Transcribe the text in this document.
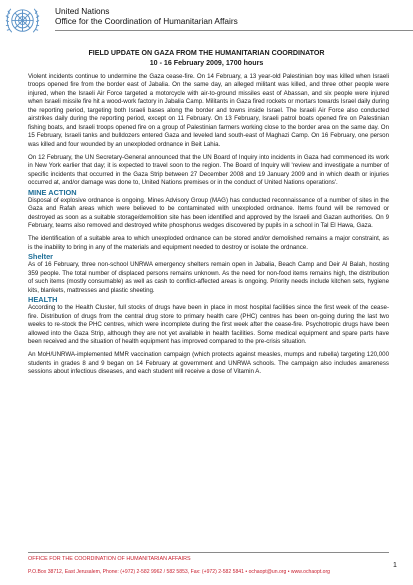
United Nations
Office for the Coordination of Humanitarian Affairs
FIELD UPDATE ON GAZA FROM THE HUMANITARIAN COORDINATOR
10 - 16 February 2009, 1700 hours

Violent incidents continue to undermine the Gaza cease-fire. On 14 February, a 13 year-old Palestinian boy was killed when Israeli troops opened fire from the border east of Jabalia. On the same day, an alleged militant was killed, and three other people were injured, when the Israeli Air Force targeted a motorcycle with air-to-ground missiles east of Abassan, and six people were injured when Israeli missile fire hit a wood-work factory in Jabalia Camp. Militants in Gaza fired rockets or mortars towards Israel daily during the reporting period, targeting both Israeli bases along the border and towns inside Israel. The Israeli Air Force also conducted airstrikes daily during the reporting period, except on 11 February. On 13 February, Israeli patrol boats opened fire on Palestinian fishing boats, and Israeli troops opened fire on a group of Palestinian farmers working close to the border area on the same day. On 15 February, Israeli tanks and bulldozers entered Gaza and leveled land south-east of Maghazi Camp. On 16 February, one person was killed and four wounded by an unexploded ordnance in Beit Lahia.

On 12 February, the UN Secretary-General announced that the UN Board of Inquiry into incidents in Gaza had commenced its work in New York earlier that day; it is expected to travel soon to the region. The Board of Inquiry will 'review and investigate a number of specific incidents that occurred in the Gaza Strip between 27 December 2008 and 19 January 2009 and in which death or injuries occurred at, and/or damage was done to, United Nations premises or in the conduct of United Nations operations'.

MINE ACTION

Disposal of explosive ordnance is ongoing. Mines Advisory Group (MAG) has conducted reconnaissance of a number of sites in the Gaza and Rafah areas which were believed to be contaminated with unexploded ordnance. Items found will be removed or destroyed as soon as a suitable storage/demolition site has been identified and approved by the Israeli and Gazan authorities. On 9 February, teams also removed and destroyed white phosphorus wedges discovered by pupils in a school in Tal El Hawa, Gaza.

The identification of a suitable area to which unexploded ordnance can be stored and/or demolished remains a major constraint, as is the inability to bring in any of the materials and equipment needed to destroy or isolate the ordnance.

Shelter

As of 16 February, three non-school UNRWA emergency shelters remain open in Jabalia, Beach Camp and Deir Al Balah, hosting 359 people. The total number of displaced persons remains unknown. As the need for non-food items remains high, the distribution of such items (mostly consumable) as well as cash to conflict-affected areas is ongoing. Priority needs include kitchen sets, hygiene kits, blankets, mattresses and plastic sheeting.

HEALTH

According to the Health Cluster, full stocks of drugs have been in place in most hospital facilities since the first week of the cease-fire. Distribution of drugs from the central drug store to primary health care (PHC) centres has been on-going during the last two weeks to re-stock the PHC centres, which were incomplete during the first week after the cease-fire. Psychotropic drugs have been allowed into the Gaza Strip, although they are not yet available in health facilities. Some medical equipment and spare parts have been received and the situation of health equipment has improved compared to the pre-crisis situation.

An MoH/UNRWA-implemented MMR vaccination campaign (which protects against measles, mumps and rubella) targeting 120,000 students in grades 8 and 9 began on 14 February at government and UNRWA schools. The campaign also includes awareness sessions about infectious diseases, and each student will receive a dose of Vitamin A.

OFFICE FOR THE COORDINATION OF HUMANITARIAN AFFAIRS
P.O.Box 38712, East Jerusalem, Phone: (+972) 2-582 9962 / 582 5853, Fax: (+972) 2-582 5841 • ochaopt@un.org • www.ochaopt.org
1
